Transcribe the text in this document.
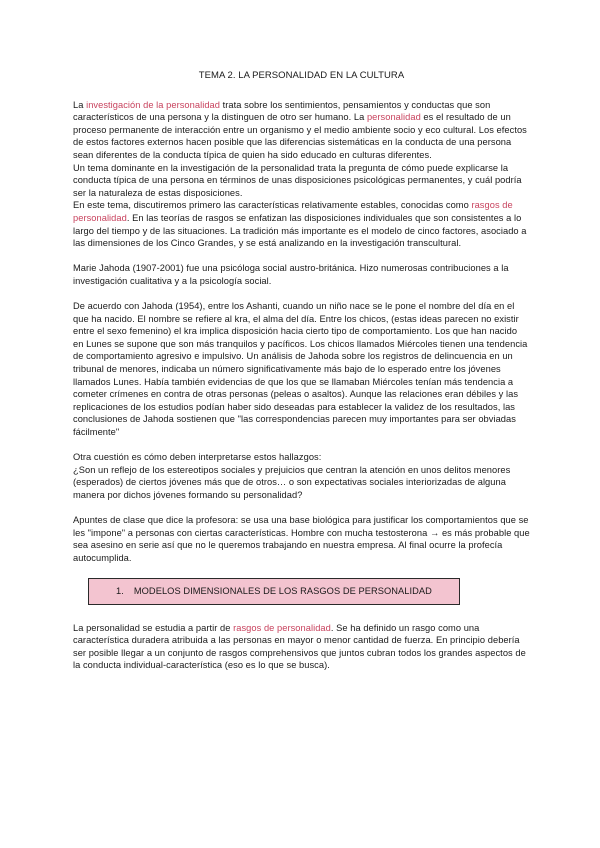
TEMA 2. LA PERSONALIDAD EN LA CULTURA

La investigación de la personalidad trata sobre los sentimientos, pensamientos y conductas que son característicos de una persona y la distinguen de otro ser humano. La personalidad es el resultado de un proceso permanente de interacción entre un organismo y el medio ambiente socio y eco cultural. Los efectos de estos factores externos hacen posible que las diferencias sistemáticas en la conducta de una persona sean diferentes de la conducta típica de quien ha sido educado en culturas diferentes.

Un tema dominante en la investigación de la personalidad trata la pregunta de cómo puede explicarse la conducta típica de una persona en términos de unas disposiciones psicológicas permanentes, y cuál podría ser la naturaleza de estas disposiciones.

En este tema, discutiremos primero las características relativamente estables, conocidas como rasgos de personalidad. En las teorías de rasgos se enfatizan las disposiciones individuales que son consistentes a lo largo del tiempo y de las situaciones. La tradición más importante es el modelo de cinco factores, asociado a las dimensiones de los Cinco Grandes, y se está analizando en la investigación transcultural.

Marie Jahoda (1907-2001) fue una psicóloga social austro-británica. Hizo numerosas contribuciones a la investigación cualitativa y a la psicología social.

De acuerdo con Jahoda (1954), entre los Ashanti, cuando un niño nace se le pone el nombre del día en el que ha nacido. El nombre se refiere al kra, el alma del día. Entre los chicos, (estas ideas parecen no existir entre el sexo femenino) el kra implica disposición hacia cierto tipo de comportamiento. Los que han nacido en Lunes se supone que son más tranquilos y pacíficos. Los chicos llamados Miércoles tienen una tendencia de comportamiento agresivo e impulsivo. Un análisis de Jahoda sobre los registros de delincuencia en un tribunal de menores, indicaba un número significativamente más bajo de lo esperado entre los jóvenes llamados Lunes. Había también evidencias de que los que se llamaban Miércoles tenían más tendencia a cometer crímenes en contra de otras personas (peleas o asaltos). Aunque las relaciones eran débiles y las replicaciones de los estudios podían haber sido deseadas para establecer la validez de los resultados, las conclusiones de Jahoda sostienen que "las correspondencias parecen muy importantes para ser obviadas fácilmente"

Otra cuestión es cómo deben interpretarse estos hallazgos:

¿Son un reflejo de los estereotipos sociales y prejuicios que centran la atención en unos delitos menores (esperados) de ciertos jóvenes más que de otros… o son expectativas sociales interiorizadas de alguna manera por dichos jóvenes formando su personalidad?

Apuntes de clase que dice la profesora: se usa una base biológica para justificar los comportamientos que se les "impone" a personas con ciertas características. Hombre con mucha testosterona → es más probable que sea asesino en serie así que no le queremos trabajando en nuestra empresa. Al final ocurre la profecía autocumplida.

1. MODELOS DIMENSIONALES DE LOS RASGOS DE PERSONALIDAD

La personalidad se estudia a partir de rasgos de personalidad. Se ha definido un rasgo como una característica duradera atribuida a las personas en mayor o menor cantidad de fuerza. En principio debería ser posible llegar a un conjunto de rasgos comprehensivos que juntos cubran todos los grandes aspectos de la conducta individual-característica (eso es lo que se busca).
